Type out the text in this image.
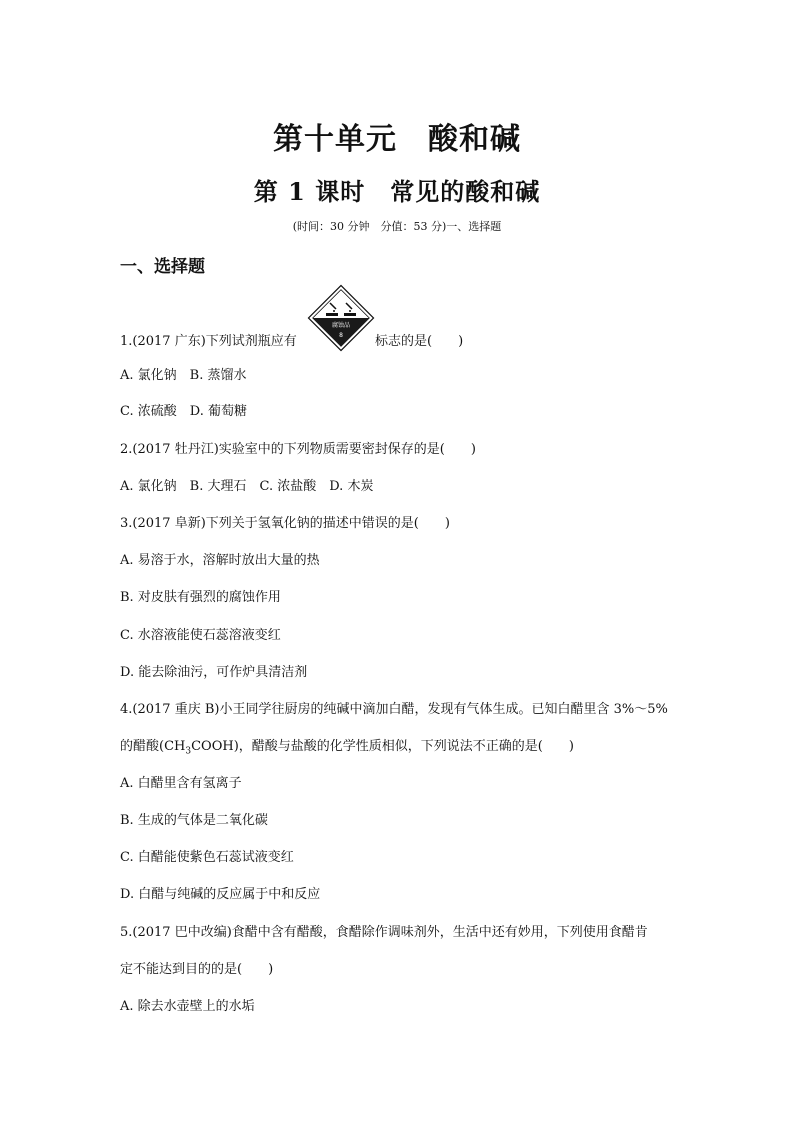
第十单元　酸和碱
第 1 课时　常见的酸和碱
(时间：30 分钟　分值：53 分)一、选择题
一、选择题
腐蚀品
8
1.(2017 广东)下列试剂瓶应有	标志的是(　　)
A. 氯化钠　B. 蒸馏水
C. 浓硫酸　D. 葡萄糖
2.(2017 牡丹江)实验室中的下列物质需要密封保存的是(　　)
A. 氯化钠　B. 大理石　C. 浓盐酸　D. 木炭
3.(2017 阜新)下列关于氢氧化钠的描述中错误的是(　　)
A. 易溶于水，溶解时放出大量的热
B. 对皮肤有强烈的腐蚀作用
C. 水溶液能使石蕊溶液变红
D. 能去除油污，可作炉具清洁剂
4.(2017 重庆 B)小王同学往厨房的纯碱中滴加白醋，发现有气体生成。已知白醋里含 3%～5%
的醋酸$(CH_3COOH)$，醋酸与盐酸的化学性质相似，下列说法不正确的是(　　)
A. 白醋里含有氢离子
B. 生成的气体是二氧化碳
C. 白醋能使紫色石蕊试液变红
D. 白醋与纯碱的反应属于中和反应
5.(2017 巴中改编)食醋中含有醋酸，食醋除作调味剂外，生活中还有妙用，下列使用食醋肯
定不能达到目的的是(　　)
A. 除去水壶壁上的水垢
